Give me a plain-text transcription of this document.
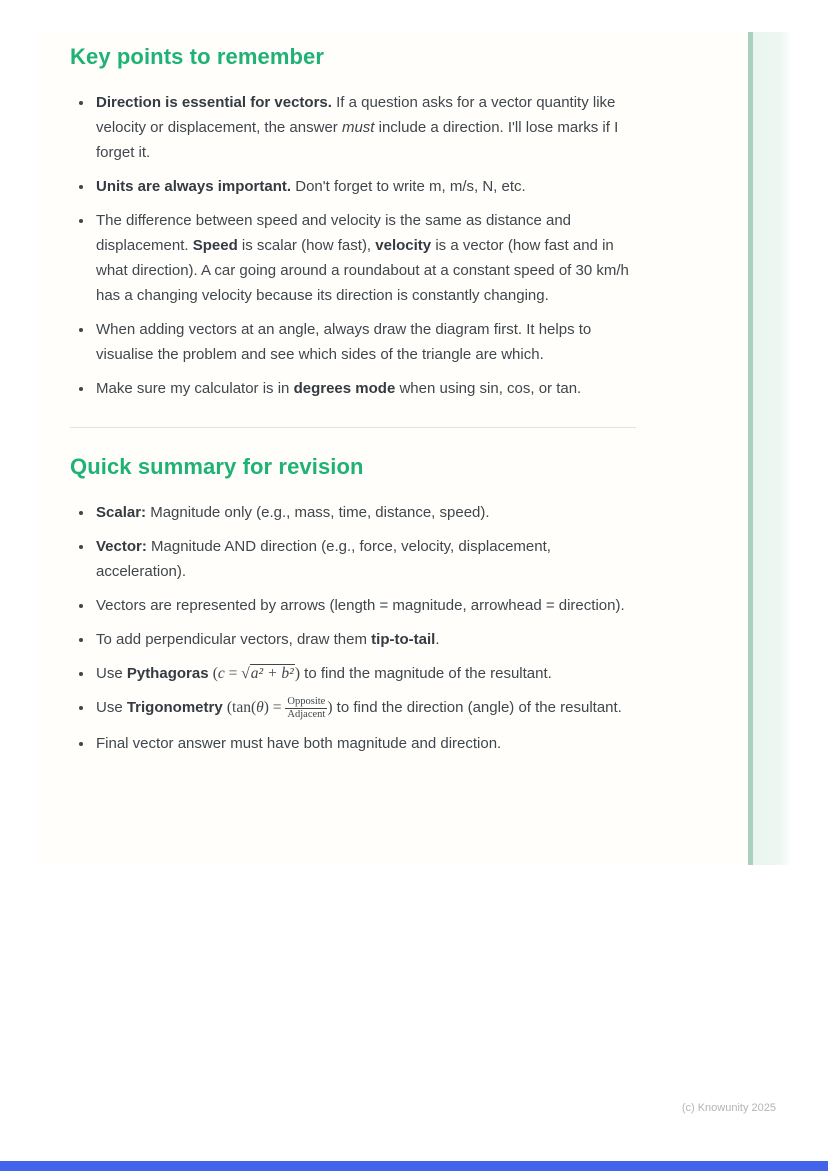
Key points to remember
• Direction is essential for vectors. If a question asks for a vector quantity like velocity or displacement, the answer must include a direction. I'll lose marks if I forget it.
• Units are always important. Don't forget to write m, m/s, N, etc.
• The difference between speed and velocity is the same as distance and displacement. Speed is scalar (how fast), velocity is a vector (how fast and in what direction). A car going around a roundabout at a constant speed of 30 km/h has a changing velocity because its direction is constantly changing.
• When adding vectors at an angle, always draw the diagram first. It helps to visualise the problem and see which sides of the triangle are which.
• Make sure my calculator is in degrees mode when using sin, cos, or tan.
Quick summary for revision
• Scalar: Magnitude only (e.g., mass, time, distance, speed).
• Vector: Magnitude AND direction (e.g., force, velocity, displacement, acceleration).
• Vectors are represented by arrows (length = magnitude, arrowhead = direction).
• To add perpendicular vectors, draw them tip-to-tail.
• Use Pythagoras (c = √a² + b²) to find the magnitude of the resultant.
• Use Trigonometry ($\tan(\theta) = \frac{\text{Opposite}}{\text{Adjacent}}$ ) to find the direction (angle) of the resultant.
• Final vector answer must have both magnitude and direction.
(c) Knowunity 2025
